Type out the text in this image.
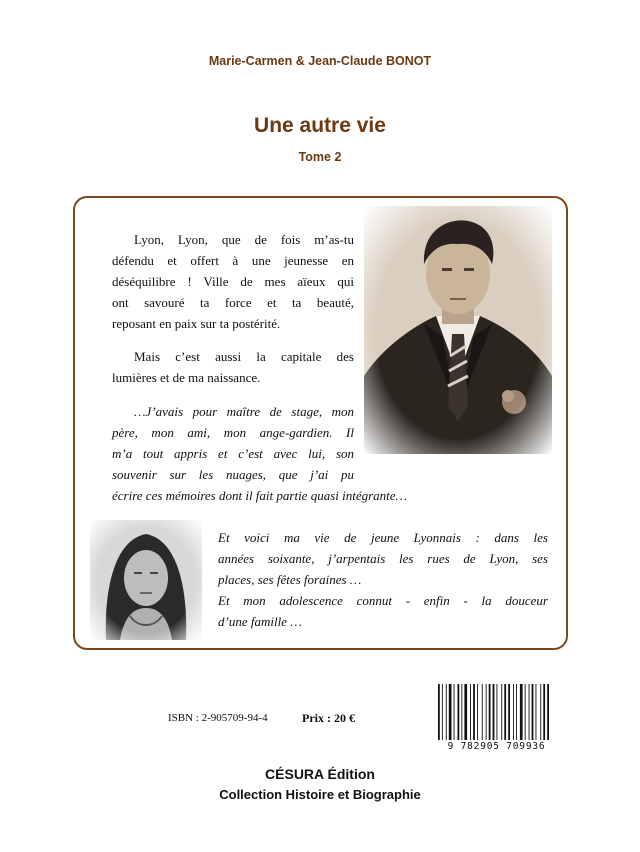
Marie-Carmen & Jean-Claude BONOT
Une autre vie
Tome 2
Lyon, Lyon, que de fois m’as-tu
défendu et offert à une jeunesse en
déséquilibre ! Ville de mes aïeux qui
ont savouré ta force et ta beauté,
reposant en paix sur ta postérité.
Mais c’est aussi la capitale des
lumières et de ma naissance.
…J’avais pour maître de stage, mon
père, mon ami, mon ange-gardien. Il
m’a tout appris et c’est avec lui, son
souvenir sur les nuages, que j’ai pu
écrire ces mémoires dont il fait partie quasi intégrante…
Et voici ma vie de jeune Lyonnais : dans les
années soixante, j’arpentais les rues de Lyon, ses
places, ses fêtes foraines …
Et mon adolescence connut - enfin - la douceur
d’une famille …
ISBN : 2-905709-94-4	Prix : 20 €
9 782905 709936
CÉSURA Édition
Collection Histoire et Biographie
